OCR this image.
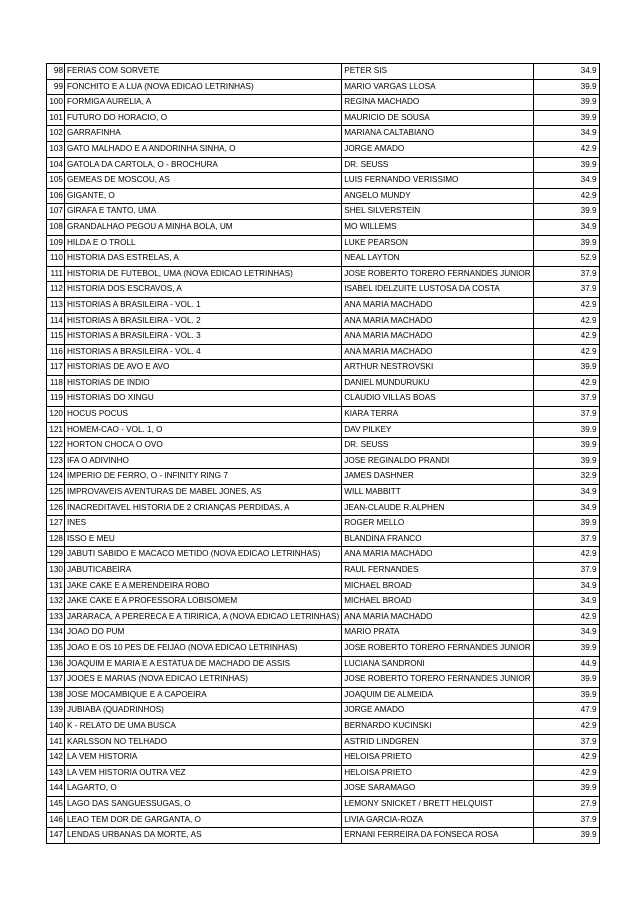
98	FERIAS COM SORVETE	PETER SIS	34.9
99	FONCHITO E A LUA (NOVA EDICAO LETRINHAS)	MARIO VARGAS LLOSA	39.9
100	FORMIGA AURELIA, A	REGINA MACHADO	39.9
101	FUTURO DO HORACIO, O	MAURICIO DE SOUSA	39.9
102	GARRAFINHA	MARIANA CALTABIANO	34.9
103	GATO MALHADO E A ANDORINHA SINHA, O	JORGE AMADO	42.9
104	GATOLA DA CARTOLA, O - BROCHURA	DR. SEUSS	39.9
105	GEMEAS DE MOSCOU, AS	LUIS FERNANDO VERISSIMO	34.9
106	GIGANTE, O	ANGELO MUNDY	42.9
107	GIRAFA E TANTO, UMA	SHEL SILVERSTEIN	39.9
108	GRANDALHAO PEGOU A MINHA BOLA, UM	MO WILLEMS	34.9
109	HILDA E O TROLL	LUKE PEARSON	39.9
110	HISTORIA DAS ESTRELAS, A	NEAL LAYTON	52.9
111	HISTORIA DE FUTEBOL, UMA (NOVA EDICAO LETRINHAS)	JOSE ROBERTO TORERO FERNANDES JUNIOR	37.9
112	HISTORIA DOS ESCRAVOS, A	ISABEL IDELZUITE LUSTOSA DA COSTA	37.9
113	HISTORIAS A BRASILEIRA - VOL. 1	ANA MARIA MACHADO	42.9
114	HISTORIAS A BRASILEIRA - VOL. 2	ANA MARIA MACHADO	42.9
115	HISTORIAS A BRASILEIRA - VOL. 3	ANA MARIA MACHADO	42.9
116	HISTORIAS A BRASILEIRA - VOL. 4	ANA MARIA MACHADO	42.9
117	HISTORIAS DE AVO E AVO	ARTHUR NESTROVSKI	39.9
118	HISTORIAS DE INDIO	DANIEL MUNDURUKU	42.9
119	HISTORIAS DO XINGU	CLAUDIO VILLAS BOAS	37.9
120	HOCUS POCUS	KIARA TERRA	37.9
121	HOMEM-CAO - VOL. 1, O	DAV PILKEY	39.9
122	HORTON CHOCA O OVO	DR. SEUSS	39.9
123	IFA O ADIVINHO	JOSE REGINALDO PRANDI	39.9
124	IMPERIO DE FERRO, O - INFINITY RING 7	JAMES DASHNER	32.9
125	IMPROVAVEIS AVENTURAS DE MABEL JONES, AS	WILL MABBITT	34.9
126	INACREDITAVEL HISTORIA DE 2 CRIANÇAS PERDIDAS, A	JEAN-CLAUDE R.ALPHEN	34.9
127	INES	ROGER MELLO	39.9
128	ISSO E MEU	BLANDINA FRANCO	37.9
129	JABUTI SABIDO E MACACO METIDO (NOVA EDICAO LETRINHAS)	ANA MARIA MACHADO	42.9
130	JABUTICABEIRA	RAUL FERNANDES	37.9
131	JAKE CAKE E A MERENDEIRA ROBO	MICHAEL BROAD	34.9
132	JAKE CAKE E A PROFESSORA LOBISOMEM	MICHAEL BROAD	34.9
133	JARARACA, A PERERECA E A TIRIRICA, A (NOVA EDICAO LETRINHAS)	ANA MARIA MACHADO	42.9
134	JOAO DO PUM	MARIO PRATA	34.9
135	JOAO E OS 10 PES DE FEIJAO (NOVA EDICAO LETRINHAS)	JOSE ROBERTO TORERO FERNANDES JUNIOR	39.9
136	JOAQUIM E MARIA E A ESTATUA DE MACHADO DE ASSIS	LUCIANA SANDRONI	44.9
137	JOOES E MARIAS (NOVA EDICAO LETRINHAS)	JOSE ROBERTO TORERO FERNANDES JUNIOR	39.9
138	JOSE MOCAMBIQUE E A CAPOEIRA	JOAQUIM DE ALMEIDA	39.9
139	JUBIABA (QUADRINHOS)	JORGE AMADO	47.9
140	K - RELATO DE UMA BUSCA	BERNARDO KUCINSKI	42.9
141	KARLSSON NO TELHADO	ASTRID LINDGREN	37.9
142	LA VEM HISTORIA	HELOISA PRIETO	42.9
143	LA VEM HISTORIA OUTRA VEZ	HELOISA PRIETO	42.9
144	LAGARTO, O	JOSE SARAMAGO	39.9
145	LAGO DAS SANGUESSUGAS, O	LEMONY SNICKET / BRETT HELQUIST	27.9
146	LEAO TEM DOR DE GARGANTA, O	LIVIA GARCIA-ROZA	37.9
147	LENDAS URBANAS DA MORTE, AS	ERNANI FERREIRA DA FONSECA ROSA	39.9
